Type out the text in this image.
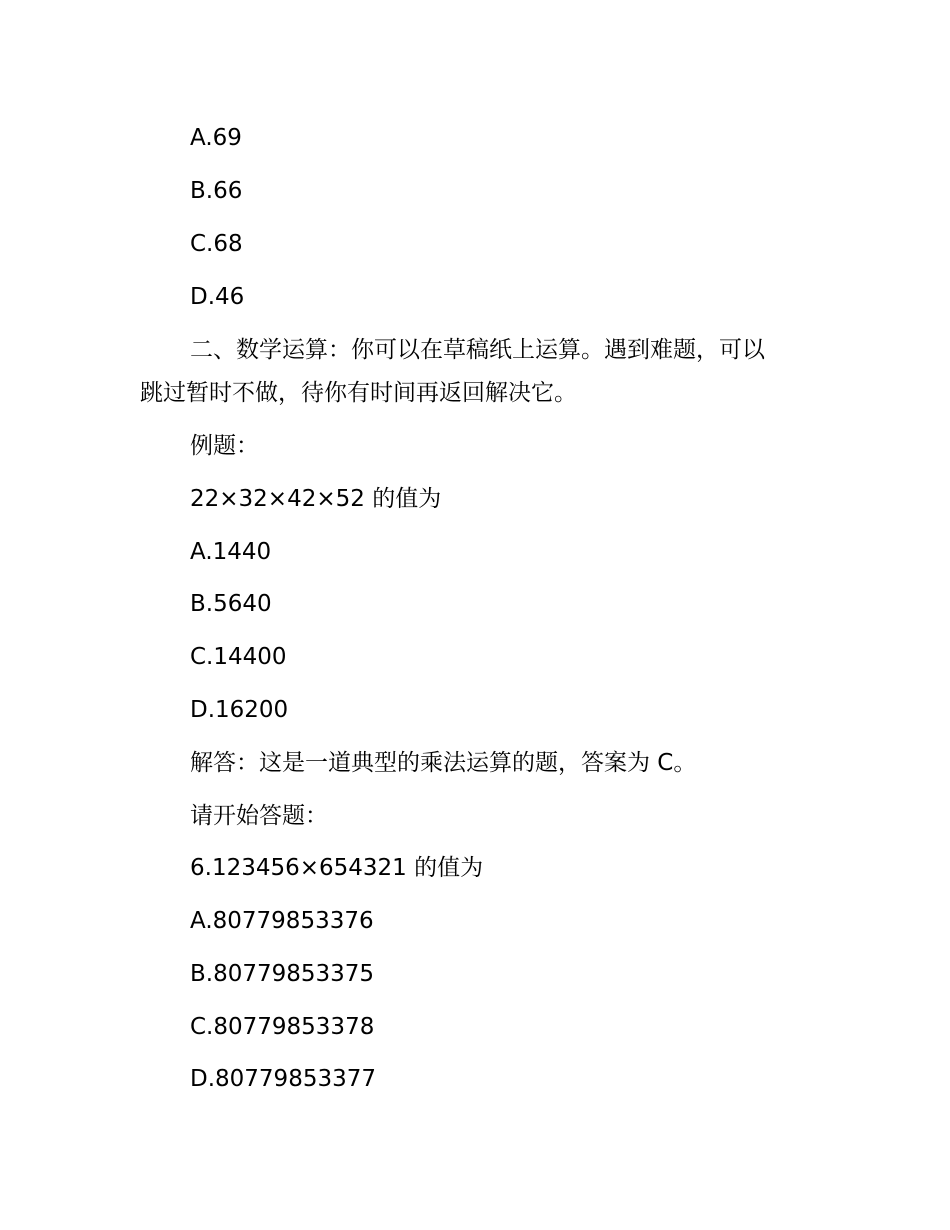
A.69
B.66
C.68
D.46
二、数学运算：你可以在草稿纸上运算。遇到难题，可以
跳过暂时不做，待你有时间再返回解决它。
例题：
22×32×42×52 的值为
A.1440
B.5640
C.14400
D.16200
解答：这是一道典型的乘法运算的题，答案为 C。
请开始答题：
6.123456×654321 的值为
A.80779853376
B.80779853375
C.80779853378
D.80779853377
